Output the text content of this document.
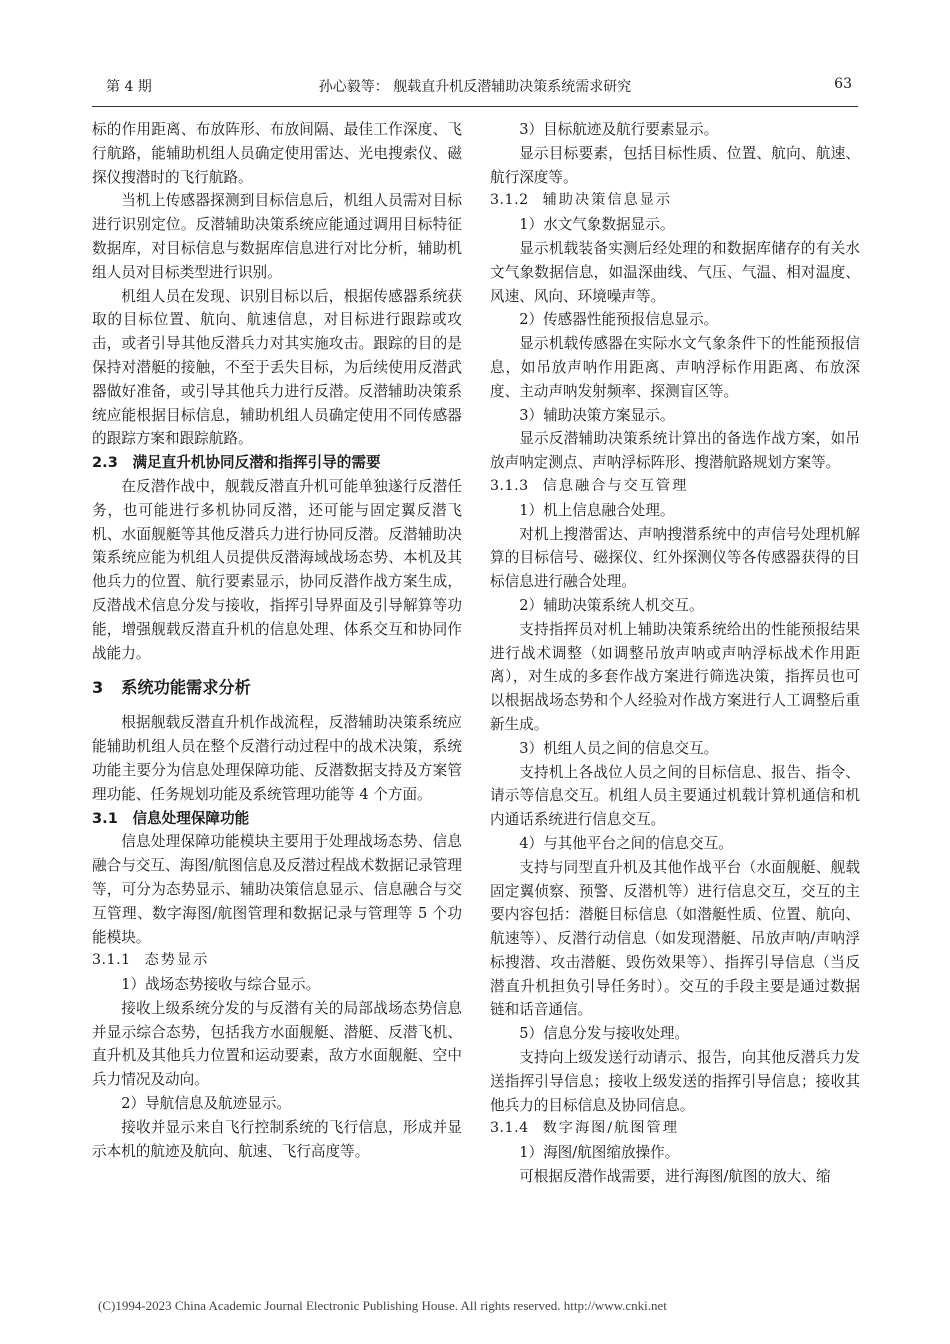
第 4 期	孙心毅等： 舰载直升机反潜辅助决策系统需求研究	63

标的作用距离、布放阵形、布放间隔、最佳工作深度、飞行航路，能辅助机组人员确定使用雷达、光电搜索仪、磁探仪搜潜时的飞行航路。

当机上传感器探测到目标信息后，机组人员需对目标进行识别定位。反潜辅助决策系统应能通过调用目标特征数据库，对目标信息与数据库信息进行对比分析，辅助机组人员对目标类型进行识别。

机组人员在发现、识别目标以后，根据传感器系统获取的目标位置、航向、航速信息，对目标进行跟踪或攻击，或者引导其他反潜兵力对其实施攻击。跟踪的目的是保持对潜艇的接触，不至于丢失目标，为后续使用反潜武器做好准备，或引导其他兵力进行反潜。反潜辅助决策系统应能根据目标信息，辅助机组人员确定使用不同传感器的跟踪方案和跟踪航路。

2.3　满足直升机协同反潜和指挥引导的需要

在反潜作战中，舰载反潜直升机可能单独遂行反潜任务，也可能进行多机协同反潜，还可能与固定翼反潜飞机、水面舰艇等其他反潜兵力进行协同反潜。反潜辅助决策系统应能为机组人员提供反潜海域战场态势、本机及其他兵力的位置、航行要素显示，协同反潜作战方案生成，反潜战术信息分发与接收，指挥引导界面及引导解算等功能，增强舰载反潜直升机的信息处理、体系交互和协同作战能力。

3 系统功能需求分析

根据舰载反潜直升机作战流程，反潜辅助决策系统应能辅助机组人员在整个反潜行动过程中的战术决策，系统功能主要分为信息处理保障功能、反潜数据支持及方案管理功能、任务规划功能及系统管理功能等 4 个方面。

3.1　信息处理保障功能

信息处理保障功能模块主要用于处理战场态势、信息融合与交互、海图/航图信息及反潜过程战术数据记录管理等，可分为态势显示、辅助决策信息显示、信息融合与交互管理、数字海图/航图管理和数据记录与管理等 5 个功能模块。

3.1.1 态势显示

1）战场态势接收与综合显示。

接收上级系统分发的与反潜有关的局部战场态势信息并显示综合态势，包括我方水面舰艇、潜艇、反潜飞机、直升机及其他兵力位置和运动要素，敌方水面舰艇、空中兵力情况及动向。

2）导航信息及航迹显示。

接收并显示来自飞行控制系统的飞行信息，形成并显示本机的航迹及航向、航速、飞行高度等。

3）目标航迹及航行要素显示。

显示目标要素，包括目标性质、位置、航向、航速、航行深度等。

3.1.2 辅助决策信息显示

1）水文气象数据显示。

显示机载装备实测后经处理的和数据库储存的有关水文气象数据信息，如温深曲线、气压、气温、相对温度、风速、风向、环境噪声等。

2）传感器性能预报信息显示。

显示机载传感器在实际水文气象条件下的性能预报信息，如吊放声呐作用距离、声呐浮标作用距离、布放深度、主动声呐发射频率、探测盲区等。

3）辅助决策方案显示。

显示反潜辅助决策系统计算出的备选作战方案，如吊放声呐定测点、声呐浮标阵形、搜潜航路规划方案等。

3.1.3 信息融合与交互管理

1）机上信息融合处理。

对机上搜潜雷达、声呐搜潜系统中的声信号处理机解算的目标信号、磁探仪、红外探测仪等各传感器获得的目标信息进行融合处理。

2）辅助决策系统人机交互。

支持指挥员对机上辅助决策系统给出的性能预报结果进行战术调整（如调整吊放声呐或声呐浮标战术作用距离），对生成的多套作战方案进行筛选决策，指挥员也可以根据战场态势和个人经验对作战方案进行人工调整后重新生成。

3）机组人员之间的信息交互。

支持机上各战位人员之间的目标信息、报告、指令、请示等信息交互。机组人员主要通过机载计算机通信和机内通话系统进行信息交互。

4）与其他平台之间的信息交互。

支持与同型直升机及其他作战平台（水面舰艇、舰载固定翼侦察、预警、反潜机等）进行信息交互，交互的主要内容包括：潜艇目标信息（如潜艇性质、位置、航向、航速等）、反潜行动信息（如发现潜艇、吊放声呐/声呐浮标搜潜、攻击潜艇、毁伤效果等）、指挥引导信息（当反潜直升机担负引导任务时）。交互的手段主要是通过数据链和话音通信。

5）信息分发与接收处理。

支持向上级发送行动请示、报告，向其他反潜兵力发送指挥引导信息；接收上级发送的指挥引导信息；接收其他兵力的目标信息及协同信息。

3.1.4 数字海图/航图管理

1）海图/航图缩放操作。

可根据反潜作战需要，进行海图/航图的放大、缩

(C)1994-2023 China Academic Journal Electronic Publishing House. All rights reserved. http://www.cnki.net
